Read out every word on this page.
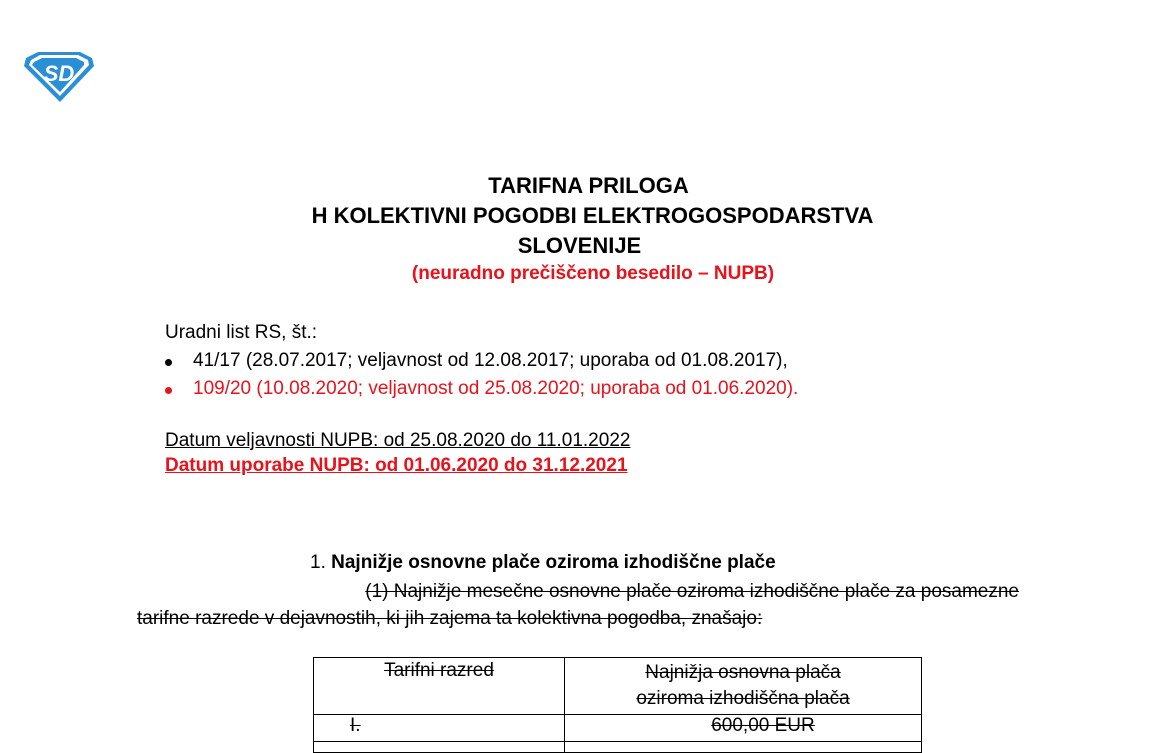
SD
TARIFNA PRILOGA
H KOLEKTIVNI POGODBI ELEKTROGOSPODARSTVA
SLOVENIJE
(neuradno prečiščeno besedilo – NUPB)
Uradni list RS, št.:
41/17 (28.07.2017; veljavnost od 12.08.2017; uporaba od 01.08.2017),
109/20 (10.08.2020; veljavnost od 25.08.2020; uporaba od 01.06.2020).
Datum veljavnosti NUPB: od 25.08.2020 do 11.01.2022
Datum uporabe NUPB: od 01.06.2020 do 31.12.2021
1. Najnižje osnovne plače oziroma izhodiščne plače
(1) Najnižje mesečne osnovne plače oziroma izhodiščne plače za posamezne
tarifne razrede v dejavnostih, ki jih zajema ta kolektivna pogodba, znašajo:
Tarifni razred	Najnižja osnovna plača
oziroma izhodiščna plača

I.	600,00 EUR
